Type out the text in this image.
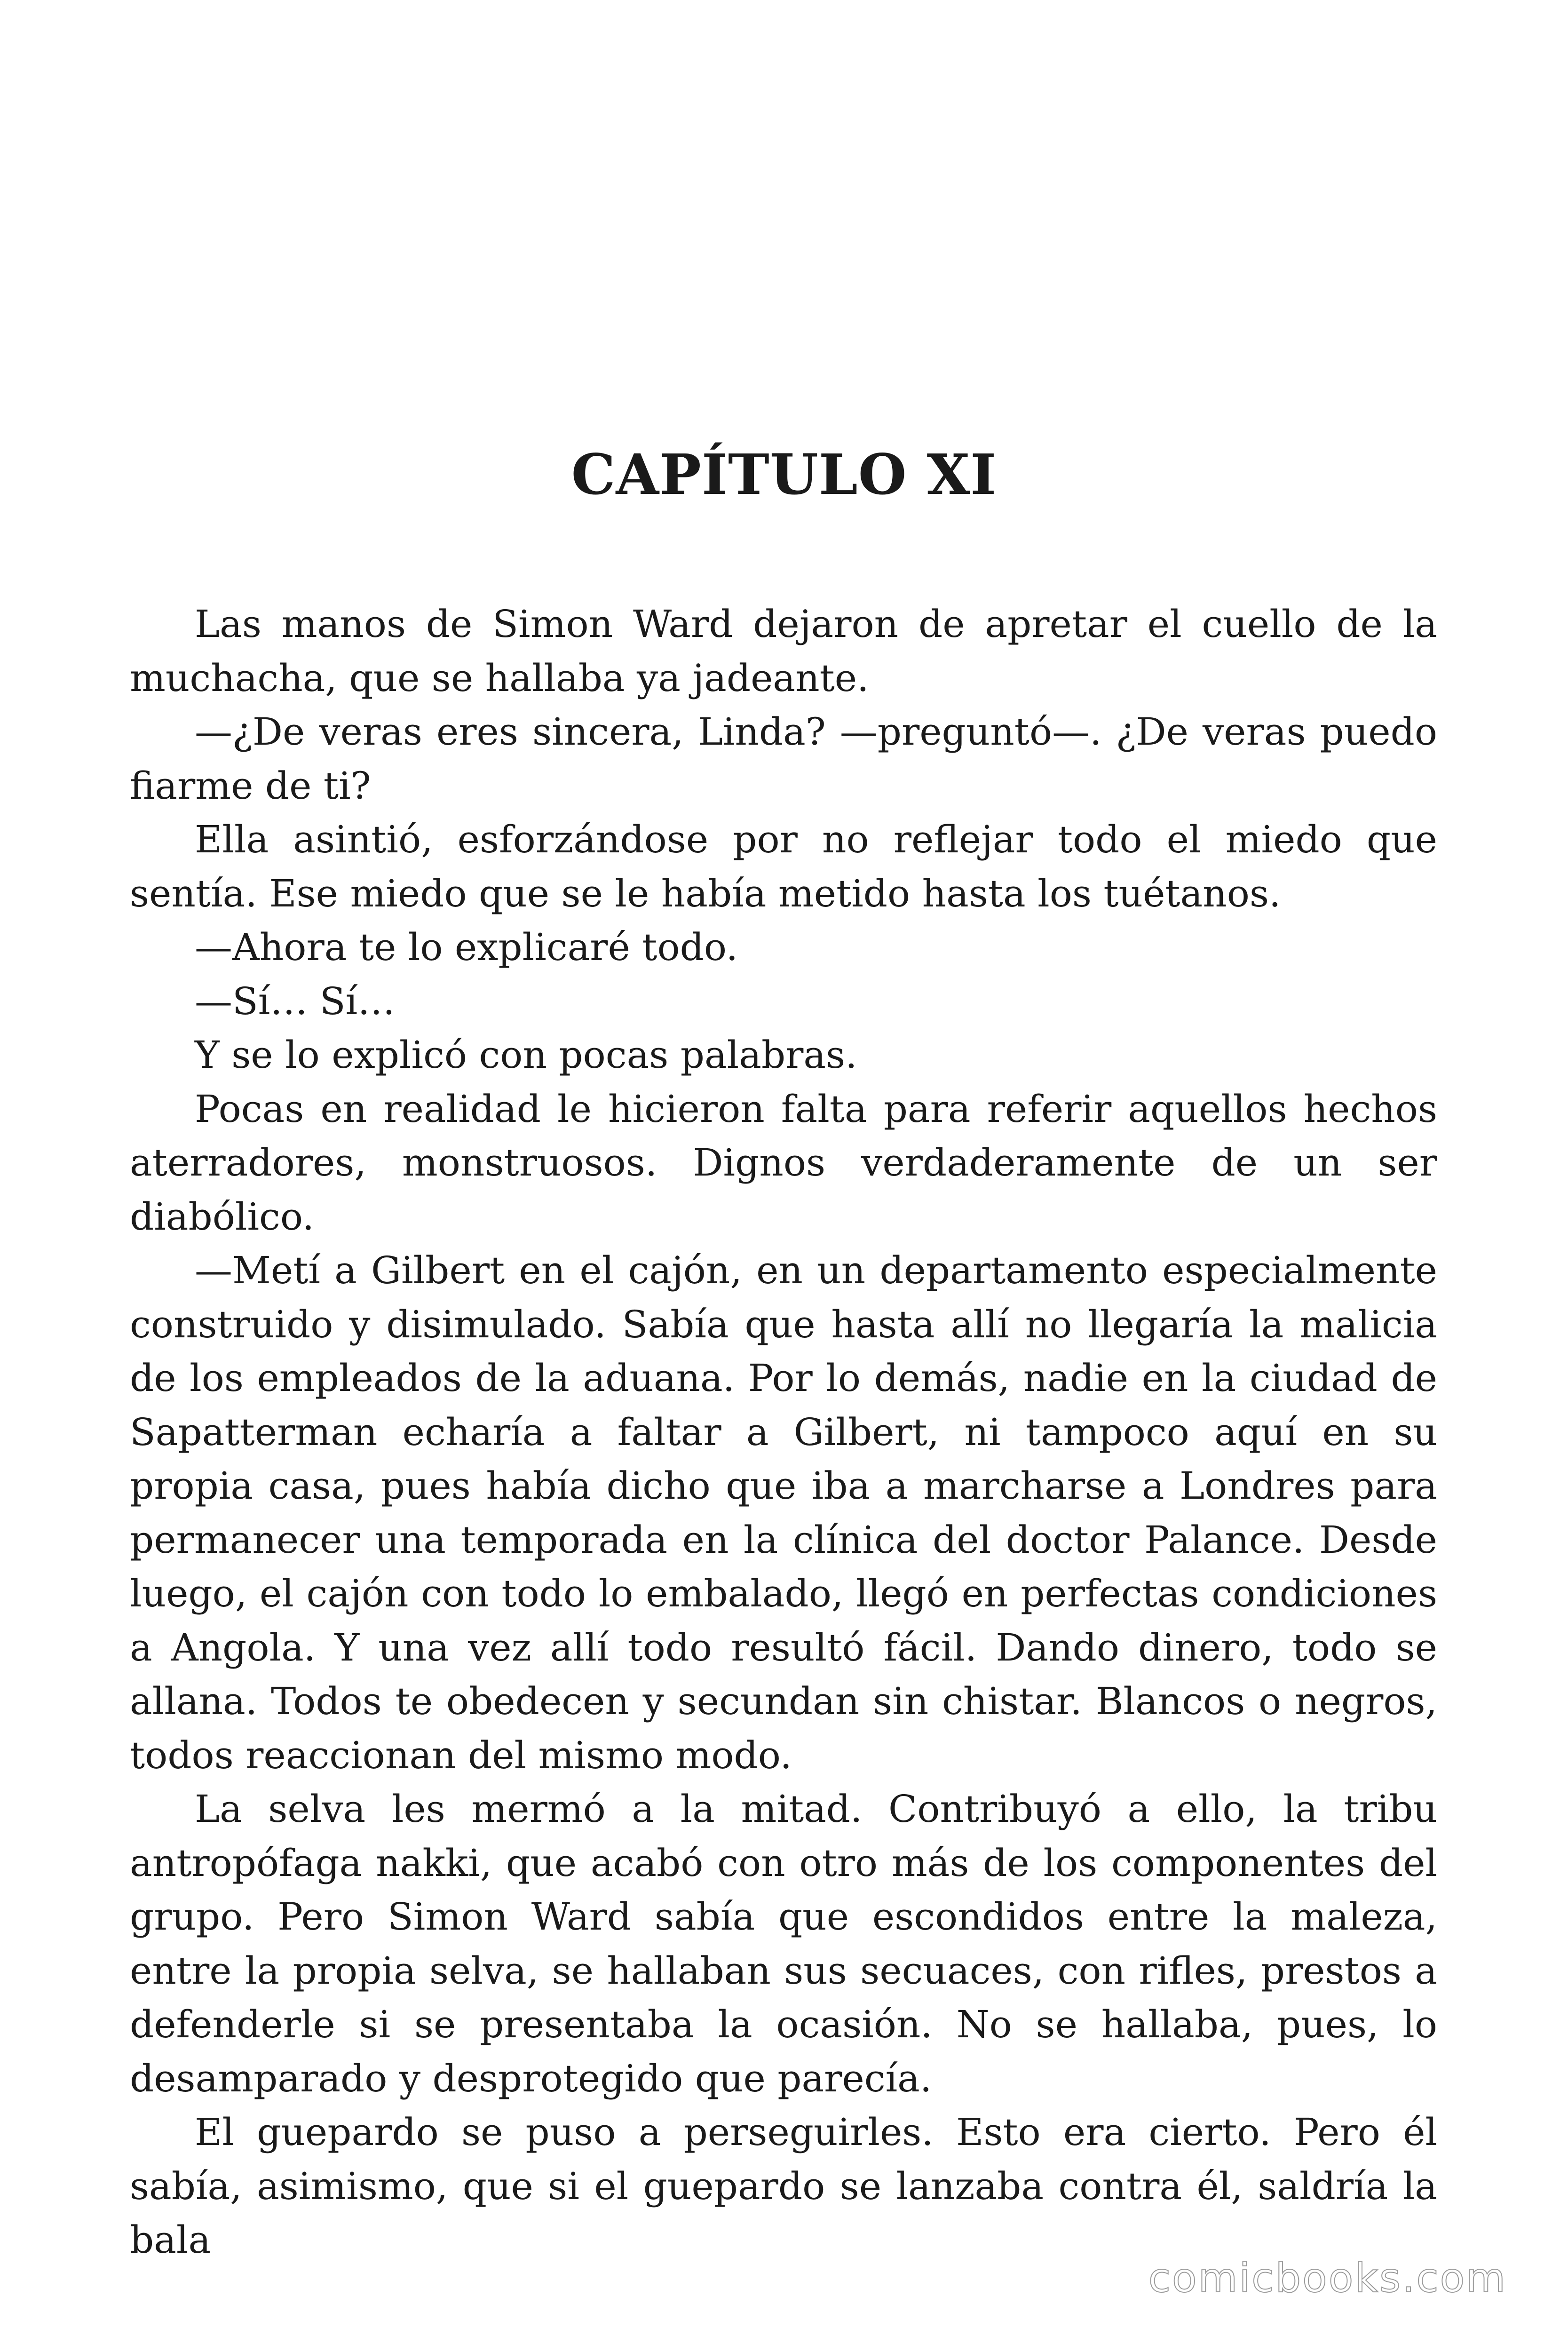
CAPÍTULO XI

Las manos de Simon Ward dejaron de apretar el cuello de la muchacha, que se hallaba ya jadeante.

—¿De veras eres sincera, Linda? —preguntó—. ¿De veras puedo fiarme de ti?

Ella asintió, esforzándose por no reflejar todo el miedo que sentía. Ese miedo que se le había metido hasta los tuétanos.

—Ahora te lo explicaré todo.

—Sí… Sí…

Y se lo explicó con pocas palabras.

Pocas en realidad le hicieron falta para referir aquellos hechos aterradores, monstruosos. Dignos verdaderamente de un ser diabólico.

—Metí a Gilbert en el cajón, en un departamento especialmente construido y disimulado. Sabía que hasta allí no llegaría la malicia de los empleados de la aduana. Por lo demás, nadie en la ciudad de Sapatterman echaría a faltar a Gilbert, ni tampoco aquí en su propia casa, pues había dicho que iba a marcharse a Londres para permanecer una temporada en la clínica del doctor Palance. Desde luego, el cajón con todo lo embalado, llegó en perfectas condiciones a Angola. Y una vez allí todo resultó fácil. Dando dinero, todo se allana. Todos te obedecen y secundan sin chistar. Blancos o negros, todos reaccionan del mismo modo.

La selva les mermó a la mitad. Contribuyó a ello, la tribu antropófaga nakki, que acabó con otro más de los componentes del grupo. Pero Simon Ward sabía que escondidos entre la maleza, entre la propia selva, se hallaban sus secuaces, con rifles, prestos a defenderle si se presentaba la ocasión. No se hallaba, pues, lo desamparado y desprotegido que parecía.

El guepardo se puso a perseguirles. Esto era cierto. Pero él sabía, asimismo, que si el guepardo se lanzaba contra él, saldría la bala

comicbooks.com
